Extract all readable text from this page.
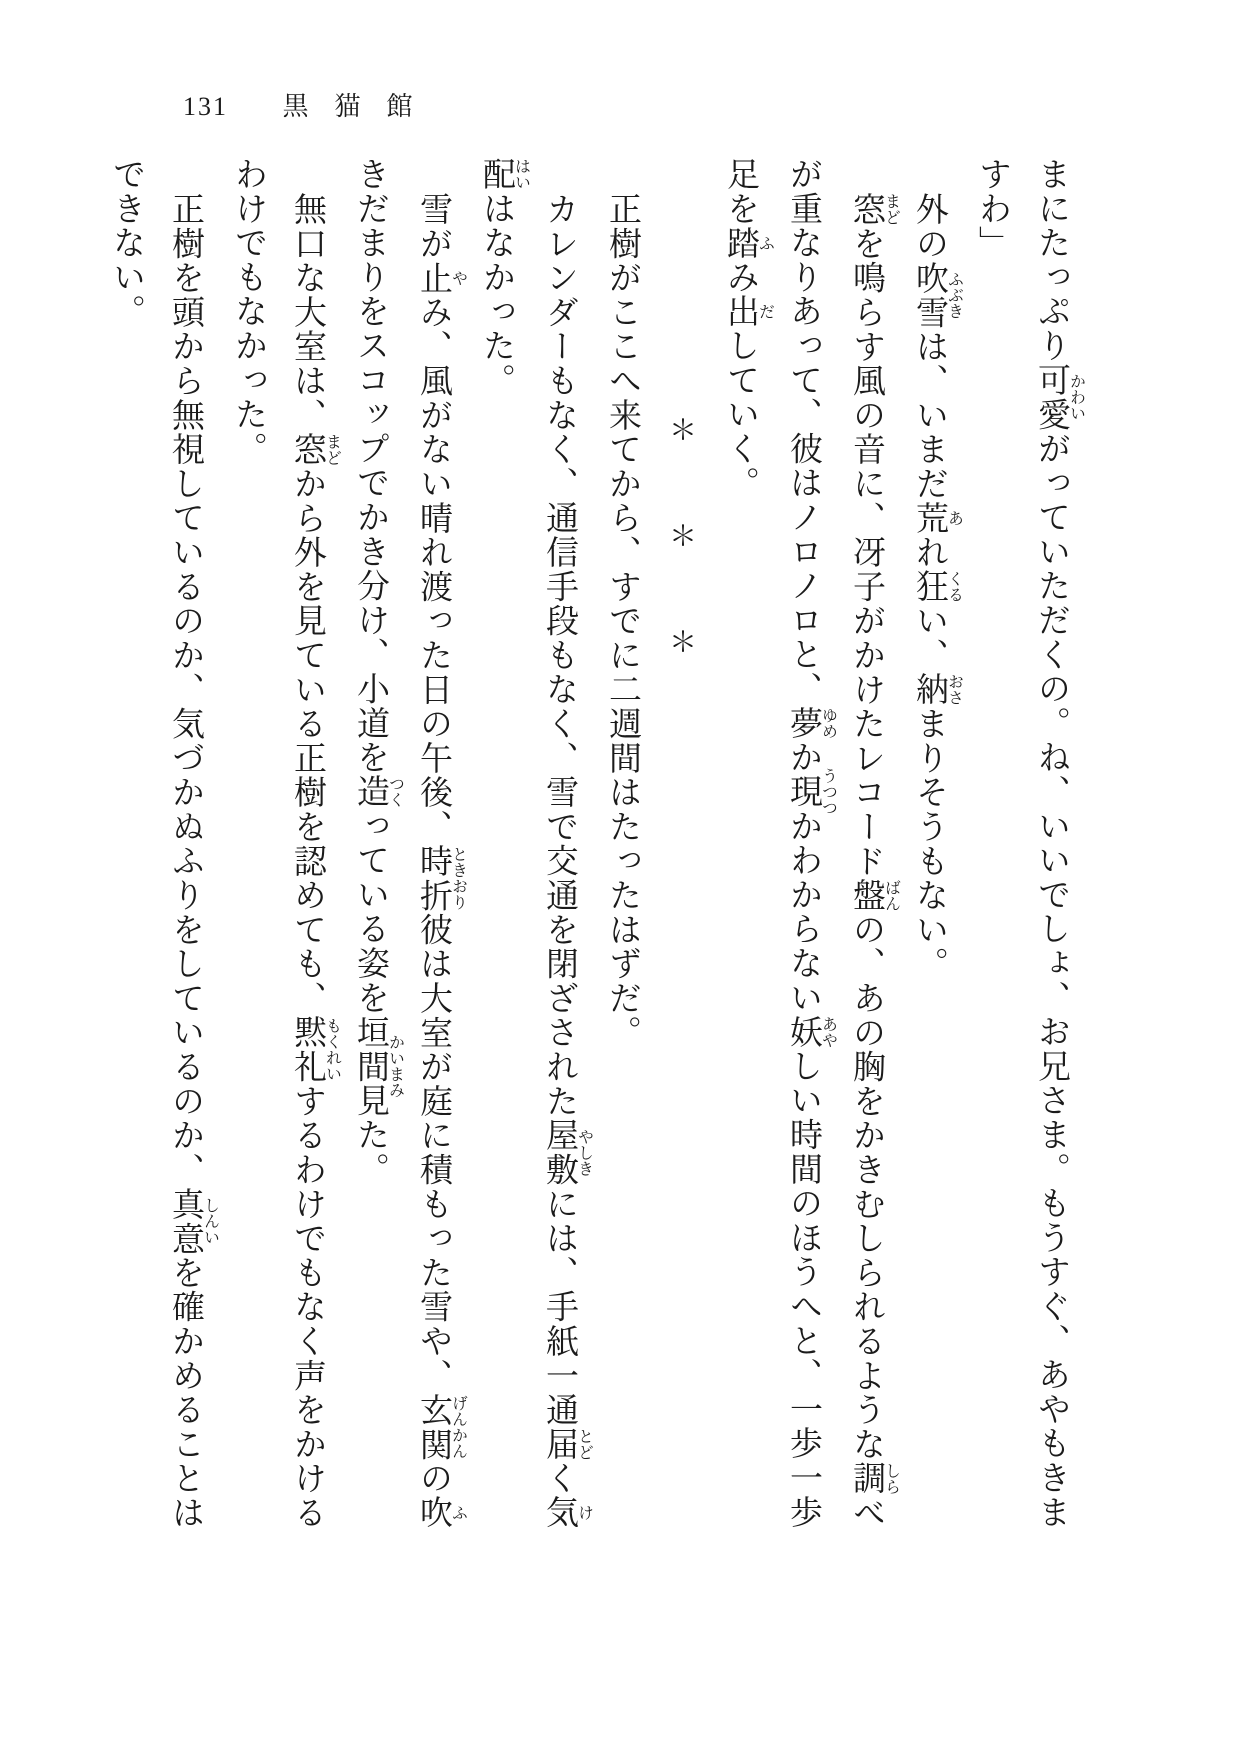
131 黒猫館
まにたっぷり可愛かわいがっていただくの。ね、いいでしょ、お兄さま。もうすぐ、あやもきま
すわ」
外の吹雪ふぶきは、いまだ荒あれ狂くるい、納おさまりそうもない。
窓まどを鳴らす風の音に、冴子がかけたレコード盤ばんの、あの胸をかきむしられるような調しらべ
が重なりあって、彼はノロノロと、夢ゆめか現うつつかわからない妖あやしい時間のほうへと、一歩一歩
足を踏ふみ出だしていく。
＊　＊　＊
正樹がここへ来てから、すでに二週間はたったはずだ。
カレンダーもなく、通信手段もなく、雪で交通を閉ざされた屋敷やしきには、手紙一通届とどく気け
配はいはなかった。
雪が止やみ、風がない晴れ渡った日の午後、時折ときおり彼は大室が庭に積もった雪や、玄関げんかんの吹ふ
きだまりをスコップでかき分け、小道を造つくっている姿を垣間見かいまみた。
無口な大室は、窓まどから外を見ている正樹を認めても、黙礼もくれいするわけでもなく声をかける
わけでもなかった。
正樹を頭から無視しているのか、気づかぬふりをしているのか、真意しんいを確かめることは
できない。
